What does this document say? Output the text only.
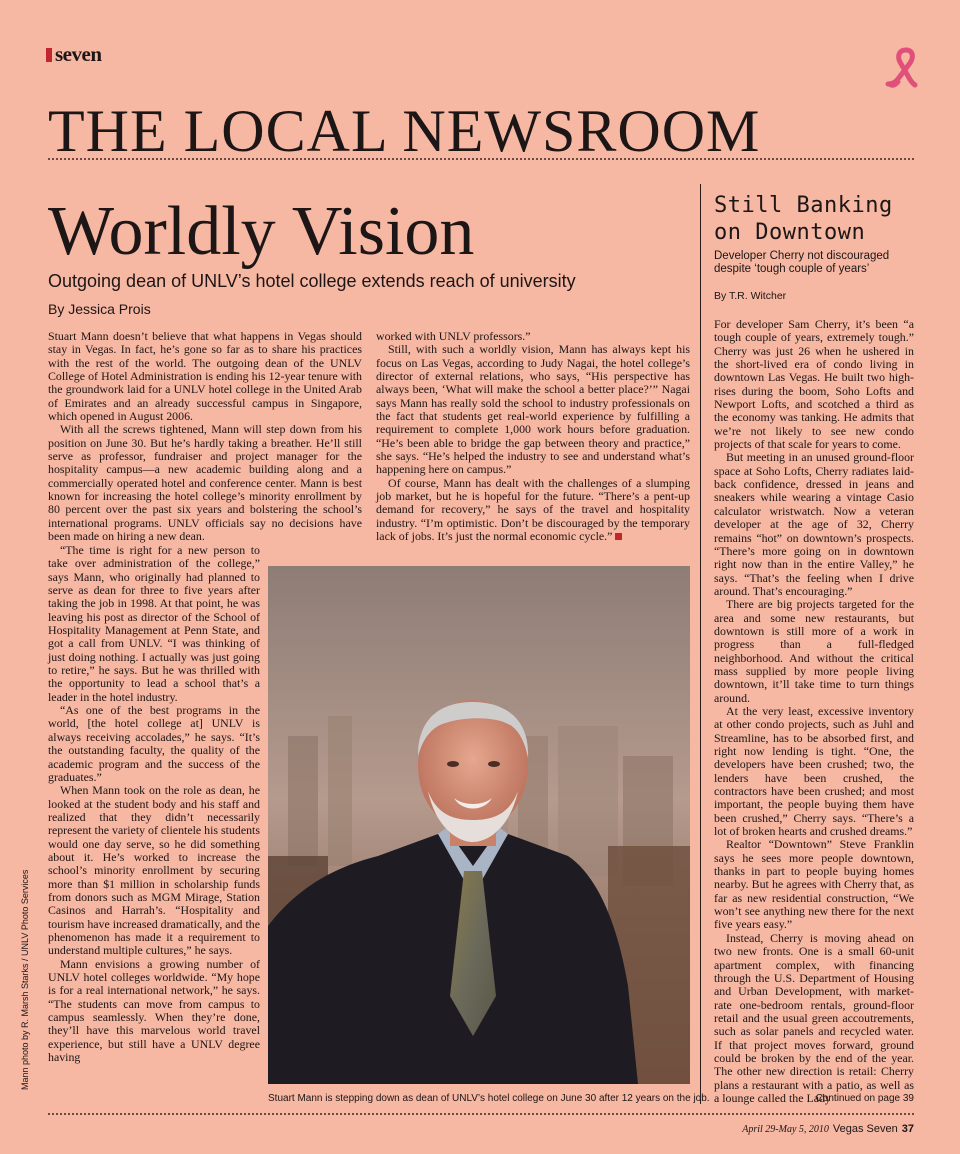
seven
THE LOCAL NEWSROOM
Worldly Vision
Outgoing dean of UNLV’s hotel college extends reach of university
By Jessica Prois

Stuart Mann doesn’t believe that what happens in Vegas should stay in Vegas. In fact, he’s gone so far as to share his practices with the rest of the world. The outgoing dean of the UNLV College of Hotel Administration is ending his 12-year tenure with the groundwork laid for a UNLV hotel college in the United Arab of Emirates and an already successful campus in Singapore, which opened in August 2006.

With all the screws tightened, Mann will step down from his position on June 30. But he’s hardly taking a breather. He’ll still serve as professor, fundraiser and project manager for the hospitality campus—a new academic building along and a commercially operated hotel and conference center. Mann is best known for increasing the hotel college’s minority enrollment by 80 percent over the past six years and bolstering the school’s international programs. UNLV officials say no decisions have been made on hiring a new dean.

“The time is right for a new person to take over administration of the college,” says Mann, who originally had planned to serve as dean for three to five years after taking the job in 1998. At that point, he was leaving his post as director of the School of Hospitality Management at Penn State, and got a call from UNLV. “I was thinking of just doing nothing. I actually was just going to retire,” he says. But he was thrilled with the opportunity to lead a school that’s a leader in the hotel industry.

“As one of the best programs in the world, [the hotel college at] UNLV is always receiving accolades,” he says. “It’s the outstanding faculty, the quality of the academic program and the success of the graduates.”

When Mann took on the role as dean, he looked at the student body and his staff and realized that they didn’t necessarily represent the variety of clientele his students would one day serve, so he did something about it. He’s worked to increase the school’s minority enrollment by securing more than $1 million in scholarship funds from donors such as MGM Mirage, Station Casinos and Harrah’s. “Hospitality and tourism have increased dramatically, and the phenomenon has made it a requirement to understand multiple cultures,” he says.

Mann envisions a growing number of UNLV hotel colleges worldwide. “My hope is for a real international network,” he says. “The students can move from campus to campus seamlessly. When they’re done, they’ll have this marvelous world travel experience, but still have a UNLV degree having

worked with UNLV professors.”

Still, with such a worldly vision, Mann has always kept his focus on Las Vegas, according to Judy Nagai, the hotel college’s director of external relations, who says, “His perspective has always been, ‘What will make the school a better place?’” Nagai says Mann has really sold the school to industry professionals on the fact that students get real-world experience by fulfilling a requirement to complete 1,000 work hours before graduation. “He’s been able to bridge the gap between theory and practice,” she says. “He’s helped the industry to see and understand what’s happening here on campus.”

Of course, Mann has dealt with the challenges of a slumping job market, but he is hopeful for the future. “There’s a pent-up demand for recovery,” he says of the travel and hospitality industry. “I’m optimistic. Don’t be discouraged by the temporary lack of jobs. It’s just the normal economic cycle.”

Stuart Mann is stepping down as dean of UNLV’s hotel college on June 30 after 12 years on the job.
Mann photo by R. Marsh Starks / UNLV Photo Services
Still Banking on Downtown
Developer Cherry not discouraged despite ‘tough couple of years’
By T.R. Witcher

For developer Sam Cherry, it’s been “a tough couple of years, extremely tough.” Cherry was just 26 when he ushered in the short-lived era of condo living in downtown Las Vegas. He built two high-rises during the boom, Soho Lofts and Newport Lofts, and scotched a third as the economy was tanking. He admits that we’re not likely to see new condo projects of that scale for years to come.

But meeting in an unused ground-floor space at Soho Lofts, Cherry radiates laid-back confidence, dressed in jeans and sneakers while wearing a vintage Casio calculator wristwatch. Now a veteran developer at the age of 32, Cherry remains “hot” on downtown’s prospects. “There’s more going on in downtown right now than in the entire Valley,” he says. “That’s the feeling when I drive around. That’s encouraging.”

There are big projects targeted for the area and some new restaurants, but downtown is still more of a work in progress than a full-fledged neighborhood. And without the critical mass supplied by more people living downtown, it’ll take time to turn things around.

At the very least, excessive inventory at other condo projects, such as Juhl and Streamline, has to be absorbed first, and right now lending is tight. “One, the developers have been crushed; two, the lenders have been crushed, the contractors have been crushed; and most important, the people buying them have been crushed,” Cherry says. “There’s a lot of broken hearts and crushed dreams.”

Realtor “Downtown” Steve Franklin says he sees more people downtown, thanks in part to people buying homes nearby. But he agrees with Cherry that, as far as new residential construction, “We won’t see anything new there for the next five years easy.”

Instead, Cherry is moving ahead on two new fronts. One is a small 60-unit apartment complex, with financing through the U.S. Department of Housing and Urban Development, with market-rate one-bedroom rentals, ground-floor retail and the usual green accoutrements, such as solar panels and recycled water. If that project moves forward, ground could be broken by the end of the year. The other new direction is retail: Cherry plans a restaurant with a patio, as well as a lounge called the Lady

Continued on page 39
April 29-May 5, 2010 Vegas Seven 37
